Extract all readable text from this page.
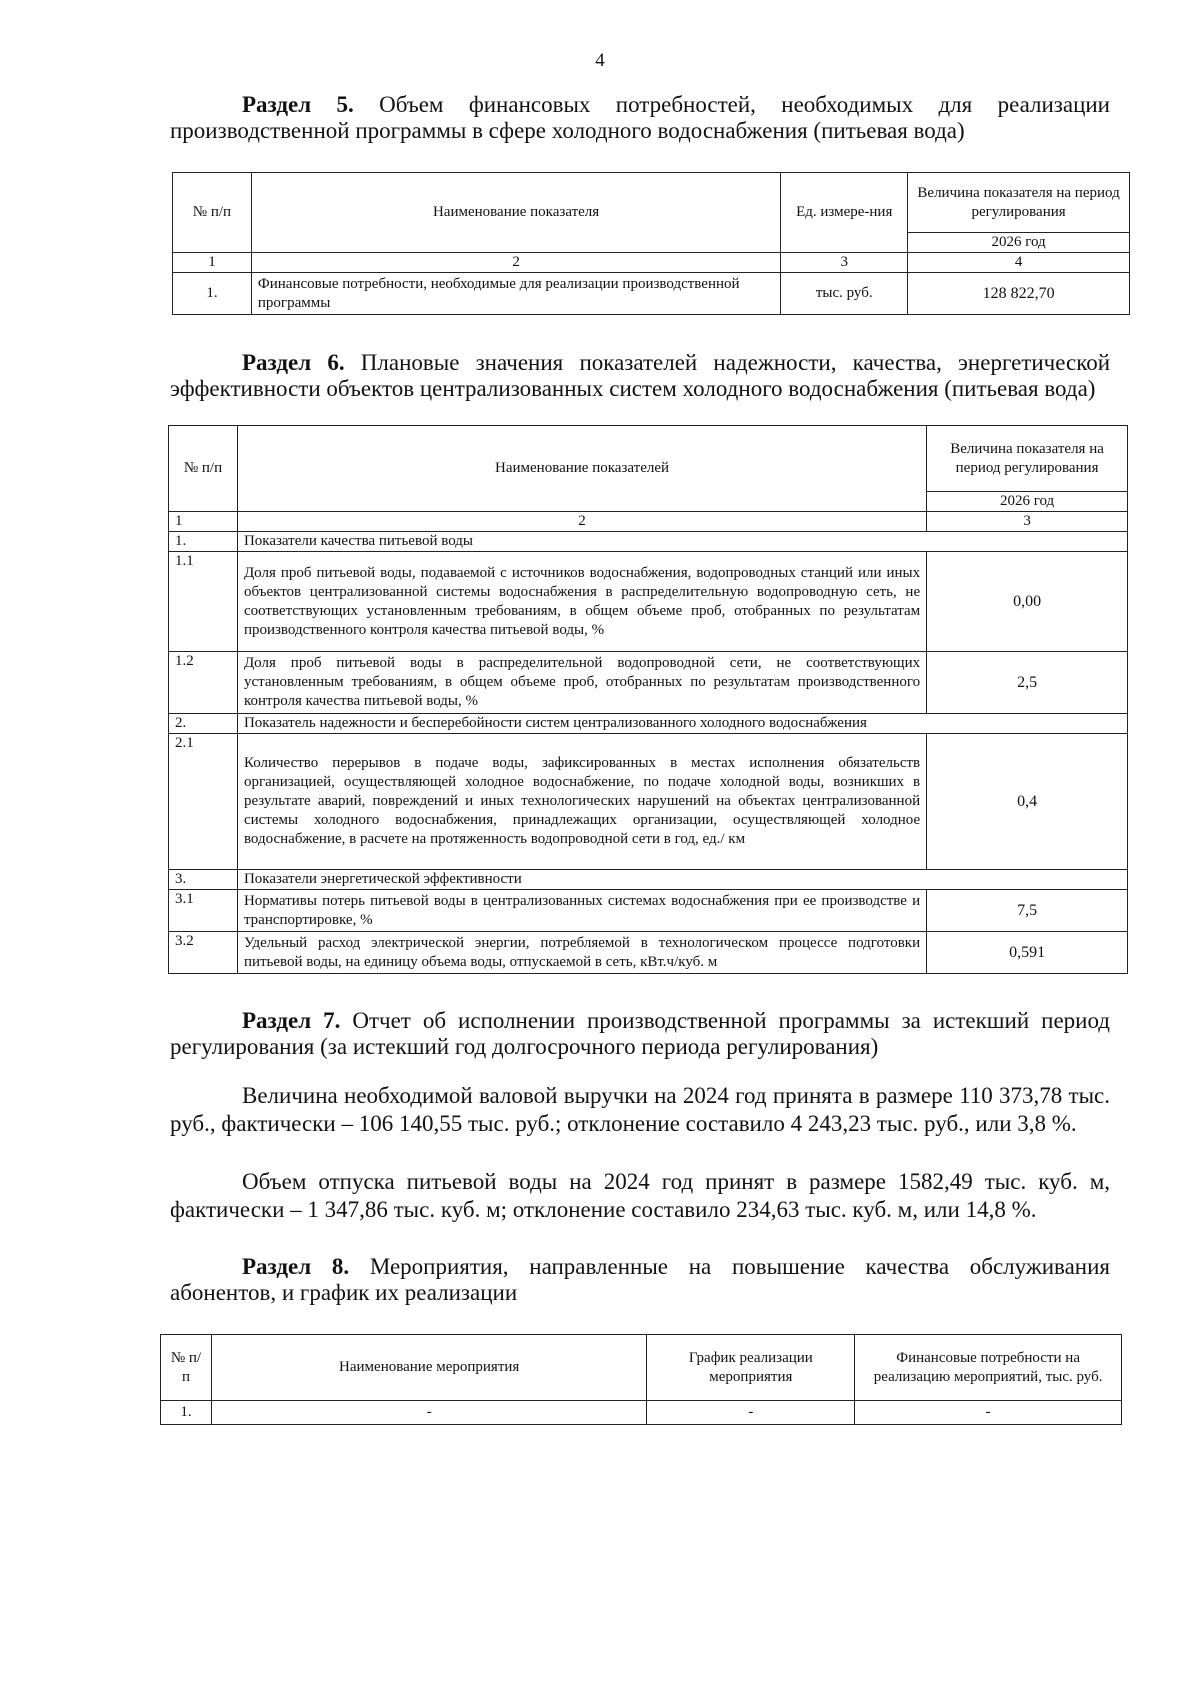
4
Раздел 5. Объем финансовых потребностей, необходимых для реализации производственной программы в сфере холодного водоснабжения (питьевая вода)
№ п/п	Наименование показателя	Ед. измере-ния	Величина показателя на период регулирования
			2026 год
1	2	3	4
1.	Финансовые потребности, необходимые для реализации производственной программы	тыс. руб.	128 822,70
Раздел 6. Плановые значения показателей надежности, качества, энергетической эффективности объектов централизованных систем холодного водоснабжения (питьевая вода)
№ п/п	Наименование показателей	Величина показателя на период регулирования
		2026 год
1	2	3
1.	Показатели качества питьевой воды	
1.1	Доля проб питьевой воды, подаваемой с источников водоснабжения, водопроводных станций или иных объектов централизованной системы водоснабжения в распределительную водопроводную сеть, не соответствующих установленным требованиям, в общем объеме проб, отобранных по результатам производственного контроля качества питьевой воды, %	0,00
1.2	Доля проб питьевой воды в распределительной водопроводной сети, не соответствующих установленным требованиям, в общем объеме проб, отобранных по результатам производственного контроля качества питьевой воды, %	2,5
2.	Показатель надежности и бесперебойности систем централизованного холодного водоснабжения	
2.1	Количество перерывов в подаче воды, зафиксированных в местах исполнения обязательств организацией, осуществляющей холодное водоснабжение, по подаче холодной воды, возникших в результате аварий, повреждений и иных технологических нарушений на объектах централизованной системы холодного водоснабжения, принадлежащих организации, осуществляющей холодное водоснабжение, в расчете на протяженность водопроводной сети в год, ед./ км	0,4
3.	Показатели энергетической эффективности	
3.1	Нормативы потерь питьевой воды в централизованных системах водоснабжения при ее производстве и транспортировке, %	7,5
3.2	Удельный расход электрической энергии, потребляемой в технологическом процессе подготовки питьевой воды, на единицу объема воды, отпускаемой в сеть, кВт.ч/куб. м	0,591
Раздел 7. Отчет об исполнении производственной программы за истекший период регулирования (за истекший год долгосрочного периода регулирования)
Величина необходимой валовой выручки на 2024 год принята в размере 110 373,78 тыс. руб., фактически – 106 140,55 тыс. руб.; отклонение составило 4 243,23 тыс. руб., или 3,8 %.
Объем отпуска питьевой воды на 2024 год принят в размере 1582,49 тыс. куб. м, фактически – 1 347,86 тыс. куб. м; отклонение составило 234,63 тыс. куб. м, или 14,8 %.
Раздел 8. Мероприятия, направленные на повышение качества обслуживания абонентов, и график их реализации
№ п/п	Наименование мероприятия	График реализации мероприятия	Финансовые потребности на реализацию мероприятий, тыс. руб.
1.	-	-	-
